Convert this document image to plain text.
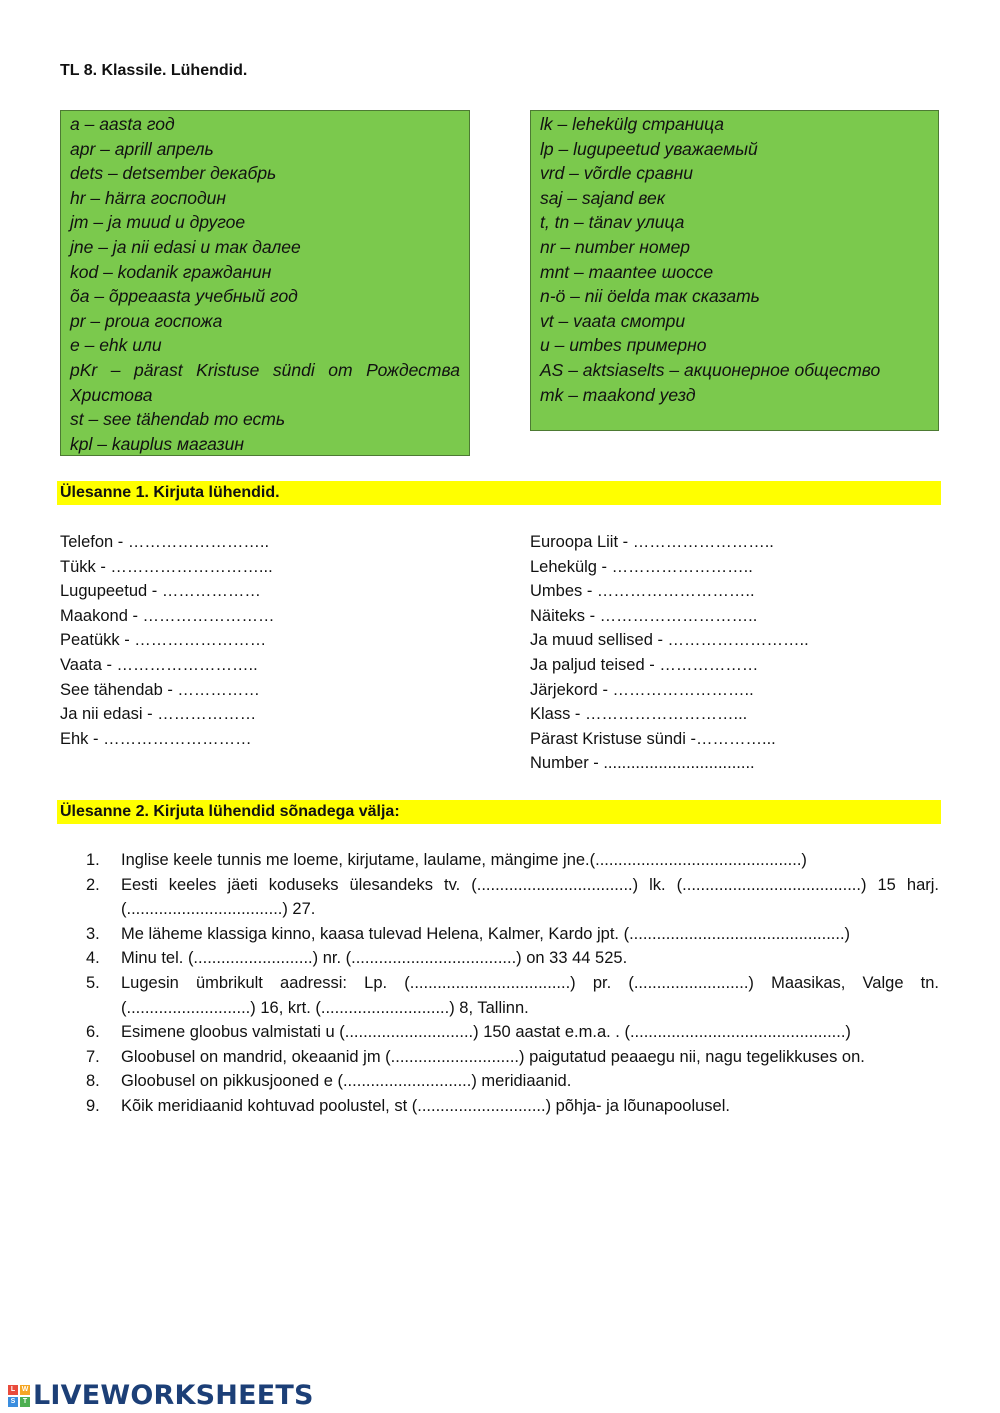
TL 8. Klassile. Lühendid.
a – aasta год
apr – aprill апрель
dets – detsember декабрь
hr – härra господин
jm – ja muud и другое
jne – ja nii edasi и так далее
kod – kodanik гражданин
õa – õppeaasta учебный год
pr – proua госпожа
e – ehk или
pKr – pärast Kristuse sündi от Рождества Христова
st – see tähendab то есть
kpl – kauplus магазин
lk – lehekülg страница
lp – lugupeetud уважаемый
vrd – võrdle сравни
saj – sajand век
t, tn – tänav улица
nr – number номер
mnt – maantee шоссе
n-ö – nii öelda так сказать
vt – vaata смотри
u – umbes примерно
AS – aktsiaselts – акционерное общество
mk – maakond уезд
Ülesanne 1. Kirjuta lühendid.
Telefon - ……………………..
Tükk - ………………………...
Lugupeetud - ………………
Maakond - ……………………
Peatükk - ……………………
Vaata - ……………………..
See tähendab - ……………
Ja nii edasi - ………………
Ehk - ………………………
Euroopa Liit - ……………………..
Lehekülg - ……………………..
Umbes - ………………………..
Näiteks - ………………………..
Ja muud sellised - ……………………..
Ja paljud teised - ………………
Järjekord - ……………………..
Klass - ………………………...
Pärast Kristuse sündi -…………...
Number - .................................
Ülesanne 2. Kirjuta lühendid sõnadega välja:
1.	Inglise keele tunnis me loeme, kirjutame, laulame, mängime jne.(.............................................)
2.	Eesti keeles jäeti koduseks ülesandeks tv. (..................................) lk. (.......................................) 15 harj. (..................................) 27.
3.	Me läheme klassiga kinno, kaasa tulevad Helena, Kalmer, Kardo jpt. (...............................................)
4.	Minu tel. (..........................) nr. (....................................) on 33 44 525.
5.	Lugesin ümbrikult aadressi: Lp. (...................................) pr. (.........................) Maasikas, Valge tn. (...........................) 16, krt. (............................) 8, Tallinn.
6.	Esimene gloobus valmistati u (............................) 150 aastat e.m.a. . (...............................................)
7.	Gloobusel on mandrid, okeaanid jm (............................) paigutatud peaaegu nii, nagu tegelikkuses on.
8.	Gloobusel on pikkusjooned e (............................) meridiaanid.
9.	Kõik meridiaanid kohtuvad poolustel, st (............................) põhja- ja lõunapoolusel.
L W
S	T LIVEWORKSHEETS
